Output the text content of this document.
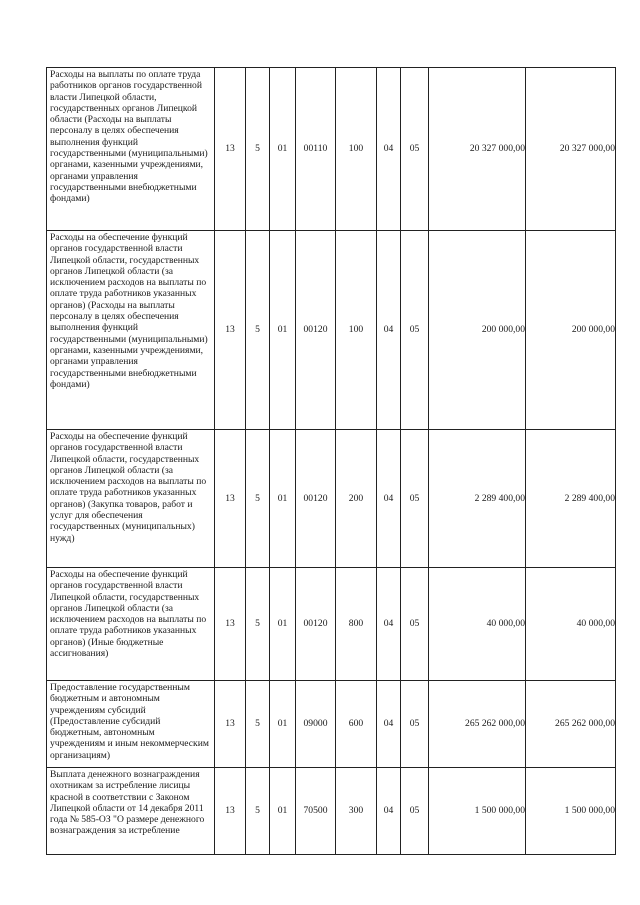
Расходы на выплаты по оплате труда работников органов государственной власти Липецкой области, государственных органов Липецкой области (Расходы на выплаты персоналу в целях обеспечения выполнения функций государственными (муниципальными) органами, казенными учреждениями, органами управления государственными внебюджетными фондами)	13	5	01	00110	100	04	05	20 327 000,00	20 327 000,00
Расходы на обеспечение функций органов государственной власти Липецкой области, государственных органов Липецкой области (за исключением расходов на выплаты по оплате труда работников указанных органов) (Расходы на выплаты персоналу в целях обеспечения выполнения функций государственными (муниципальными) органами, казенными учреждениями, органами управления государственными внебюджетными фондами)	13	5	01	00120	100	04	05	200 000,00	200 000,00
Расходы на обеспечение функций органов государственной власти Липецкой области, государственных органов Липецкой области (за исключением расходов на выплаты по оплате труда работников указанных органов) (Закупка товаров, работ и услуг для обеспечения государственных (муниципальных) нужд)	13	5	01	00120	200	04	05	2 289 400,00	2 289 400,00
Расходы на обеспечение функций органов государственной власти Липецкой области, государственных органов Липецкой области (за исключением расходов на выплаты по оплате труда работников указанных органов) (Иные бюджетные ассигнования)	13	5	01	00120	800	04	05	40 000,00	40 000,00
Предоставление государственным бюджетным и автономным учреждениям субсидий (Предоставление субсидий бюджетным, автономным учреждениям и иным некоммерческим организациям)	13	5	01	09000	600	04	05	265 262 000,00	265 262 000,00
Выплата денежного вознаграждения охотникам за истребление лисицы красной в соответствии с Законом Липецкой области от 14 декабря 2011 года № 585-ОЗ "О размере денежного вознаграждения за истребление	13	5	01	70500	300	04	05	1 500 000,00	1 500 000,00
